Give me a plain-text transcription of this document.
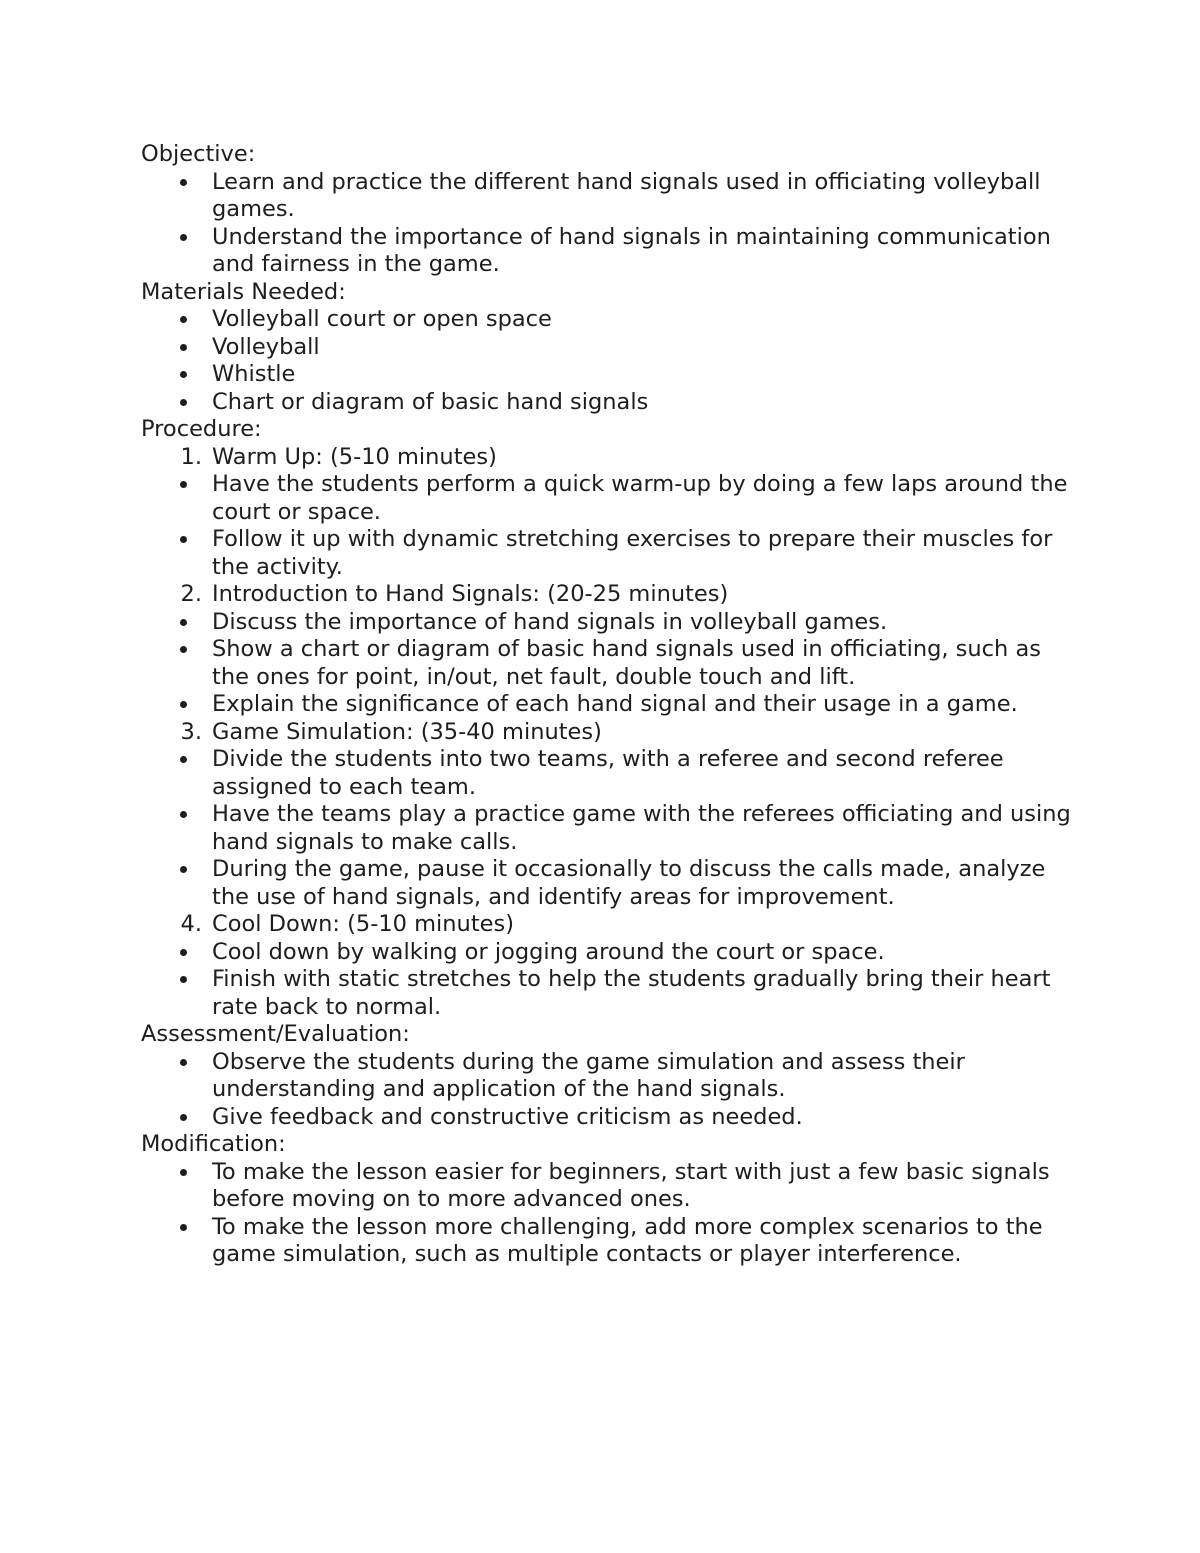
Objective:

Learn and practice the different hand signals used in officiating volleyball games.
Understand the importance of hand signals in maintaining communication and fairness in the game.

Materials Needed:

Volleyball court or open space
Volleyball
Whistle
Chart or diagram of basic hand signals

Procedure:

1. Warm Up: (5-10 minutes)
Have the students perform a quick warm-up by doing a few laps around the court or space.
Follow it up with dynamic stretching exercises to prepare their muscles for the activity.
2. Introduction to Hand Signals: (20-25 minutes)
Discuss the importance of hand signals in volleyball games.
Show a chart or diagram of basic hand signals used in officiating, such as the ones for point, in/out, net fault, double touch and lift.
Explain the significance of each hand signal and their usage in a game.
3. Game Simulation: (35-40 minutes)
Divide the students into two teams, with a referee and second referee assigned to each team.
Have the teams play a practice game with the referees officiating and using hand signals to make calls.
During the game, pause it occasionally to discuss the calls made, analyze the use of hand signals, and identify areas for improvement.
4. Cool Down: (5-10 minutes)
Cool down by walking or jogging around the court or space.
Finish with static stretches to help the students gradually bring their heart rate back to normal.

Assessment/Evaluation:

Observe the students during the game simulation and assess their understanding and application of the hand signals.
Give feedback and constructive criticism as needed.

Modification:

To make the lesson easier for beginners, start with just a few basic signals before moving on to more advanced ones.
To make the lesson more challenging, add more complex scenarios to the game simulation, such as multiple contacts or player interference.
